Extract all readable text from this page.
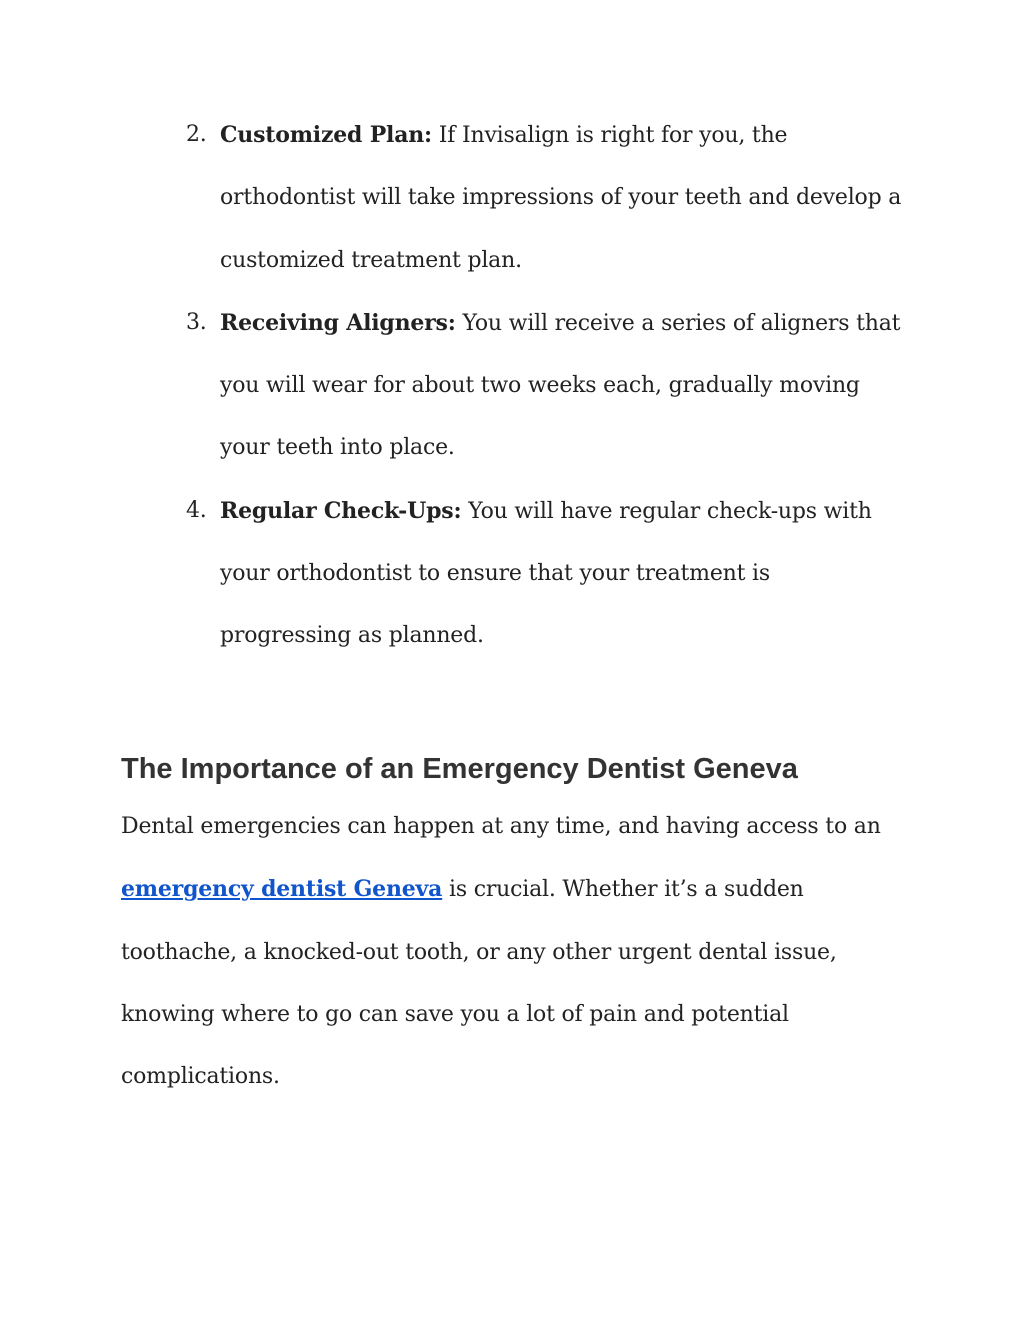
2. Customized Plan: If Invisalign is right for you, the orthodontist will take impressions of your teeth and develop a customized treatment plan.
3. Receiving Aligners: You will receive a series of aligners that you will wear for about two weeks each, gradually moving your teeth into place.
4. Regular Check-Ups: You will have regular check-ups with your orthodontist to ensure that your treatment is progressing as planned.
The Importance of an Emergency Dentist Geneva

Dental emergencies can happen at any time, and having access to an emergency dentist Geneva is crucial. Whether it’s a sudden toothache, a knocked-out tooth, or any other urgent dental issue, knowing where to go can save you a lot of pain and potential complications.
